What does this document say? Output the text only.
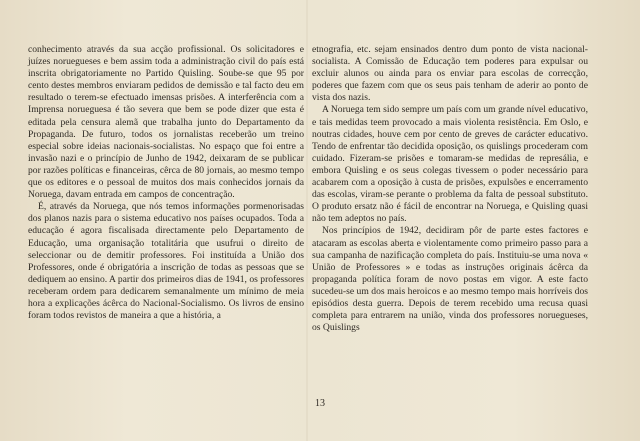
conhecimento através da sua acção profissional. Os solicitadores e juízes noruegueses e bem assim toda a administração civil do país está inscrita obrigatoriamente no Partido Quisling. Soube-se que 95 por cento destes membros enviaram pedidos de demissão e tal facto deu em resultado o terem-se efectuado imensas prisões. A interferência com a Imprensa norueguesa é tão severa que bem se pode dizer que esta é editada pela censura alemã que trabalha junto do Departamento da Propaganda. De futuro, todos os jornalistas receberão um treino especial sobre ideias nacionais-socialistas. No espaço que foi entre a invasão nazi e o princípio de Junho de 1942, deixaram de se publicar por razões políticas e financeiras, cêrca de 80 jornais, ao mesmo tempo que os editores e o pessoal de muitos dos mais conhecidos jornais da Noruega, davam entrada em campos de concentração.

É, através da Noruega, que nós temos informações pormenorisadas dos planos nazis para o sistema educativo nos países ocupados. Toda a educação é agora fiscalisada directamente pelo Departamento de Educação, uma organisação totalitária que usufrui o direito de seleccionar ou de demitir professores. Foi instituída a União dos Professores, onde é obrigatória a inscrição de todas as pessoas que se dediquem ao ensino. A partir dos primeiros dias de 1941, os professores receberam ordem para dedicarem semanalmente um mínimo de meia hora a explicações ácêrca do Nacional-Socialismo. Os livros de ensino foram todos revistos de maneira a que a história, a

etnografia, etc. sejam ensinados dentro dum ponto de vista nacional-socialista. A Comissão de Educação tem poderes para expulsar ou excluir alunos ou ainda para os enviar para escolas de correcção, poderes que fazem com que os seus pais tenham de aderir ao ponto de vista dos nazis.

A Noruega tem sido sempre um país com um grande nível educativo, e tais medidas teem provocado a mais violenta resistência. Em Oslo, e noutras cidades, houve cem por cento de greves de carácter educativo. Tendo de enfrentar tão decidida oposição, os quislings procederam com cuidado. Fizeram-se prisões e tomaram-se medidas de represália, e embora Quisling e os seus colegas tivessem o poder necessário para acabarem com a oposição à custa de prisões, expulsões e encerramento das escolas, viram-se perante o problema da falta de pessoal substituto. O produto ersatz não é fácil de encontrar na Noruega, e Quisling quasi não tem adeptos no país.

Nos princípios de 1942, decidiram pôr de parte estes factores e atacaram as escolas aberta e violentamente como primeiro passo para a sua campanha de nazificação completa do país. Instituiu-se uma nova « União de Professores » e todas as instruções originais ácêrca da propaganda política foram de novo postas em vigor. A este facto sucedeu-se um dos mais heroicos e ao mesmo tempo mais horríveis dos episódios desta guerra. Depois de terem recebido uma recusa quasi completa para entrarem na união, vinda dos professores noruegueses, os Quislings

13
